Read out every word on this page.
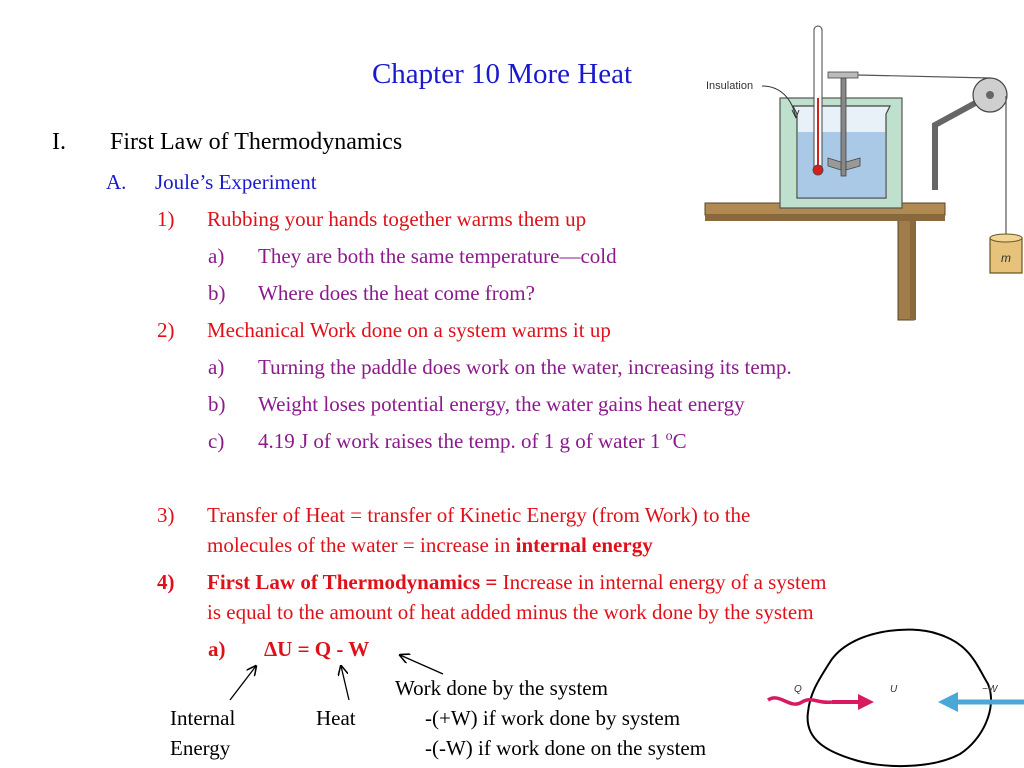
Chapter 10 More Heat
I. First Law of Thermodynamics
A. Joule’s Experiment
1) Rubbing your hands together warms them up
a) They are both the same temperature—cold
b) Where does the heat come from?
2) Mechanical Work done on a system warms it up
a) Turning the paddle does work on the water, increasing its temp.
b) Weight loses potential energy, the water gains heat energy
c) 4.19 J of work raises the temp. of 1 g of water 1 $^o$C
3) Transfer of Heat = transfer of Kinetic Energy (from Work) to the
molecules of the water = increase in internal energy
4) First Law of Thermodynamics = Increase in internal energy of a system
is equal to the amount of heat added minus the work done by the system
a) ΔU = Q - W
Internal
Energy
Heat
Work done by the system
-(+W) if work done by system
-(-W) if work done on the system
m
Insulation
Q	U	−W
